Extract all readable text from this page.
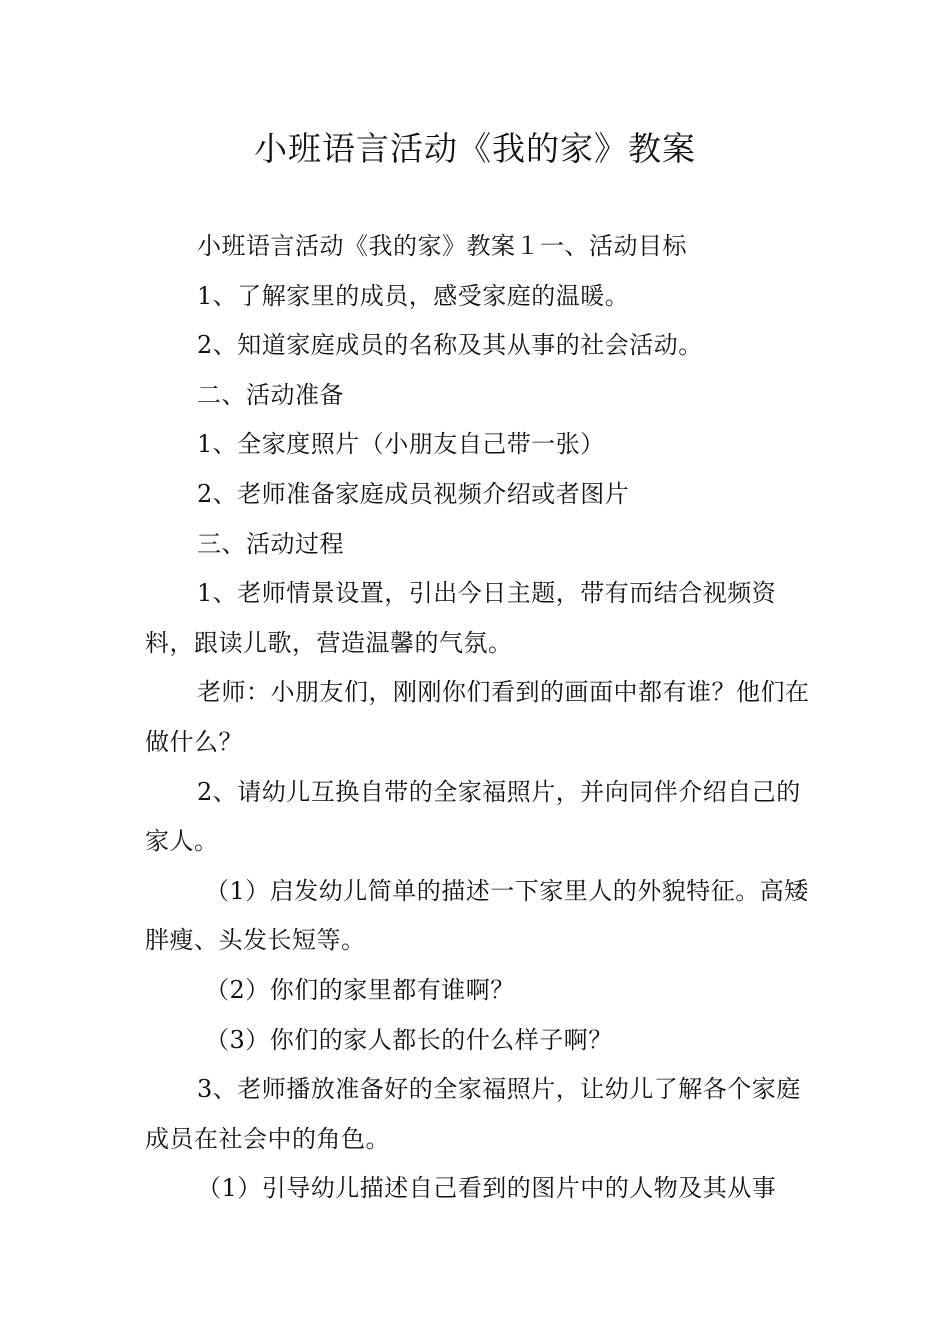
小班语言活动《我的家》教案

小班语言活动《我的家》教案１一、活动目标

1、了解家里的成员，感受家庭的温暖。

2、知道家庭成员的名称及其从事的社会活动。

二、活动准备

1、全家度照片（小朋友自己带一张）

2、老师准备家庭成员视频介绍或者图片

三、活动过程

1、老师情景设置，引出今日主题，带有而结合视频资料，跟读儿歌，营造温馨的气氛。

老师：小朋友们，刚刚你们看到的画面中都有谁？他们在做什么？

2、请幼儿互换自带的全家福照片，并向同伴介绍自己的家人。

（1）启发幼儿简单的描述一下家里人的外貌特征。高矮胖瘦、头发长短等。

（2）你们的家里都有谁啊？

（3）你们的家人都长的什么样子啊？

3、老师播放准备好的全家福照片，让幼儿了解各个家庭成员在社会中的角色。

（1）引导幼儿描述自己看到的图片中的人物及其从事
